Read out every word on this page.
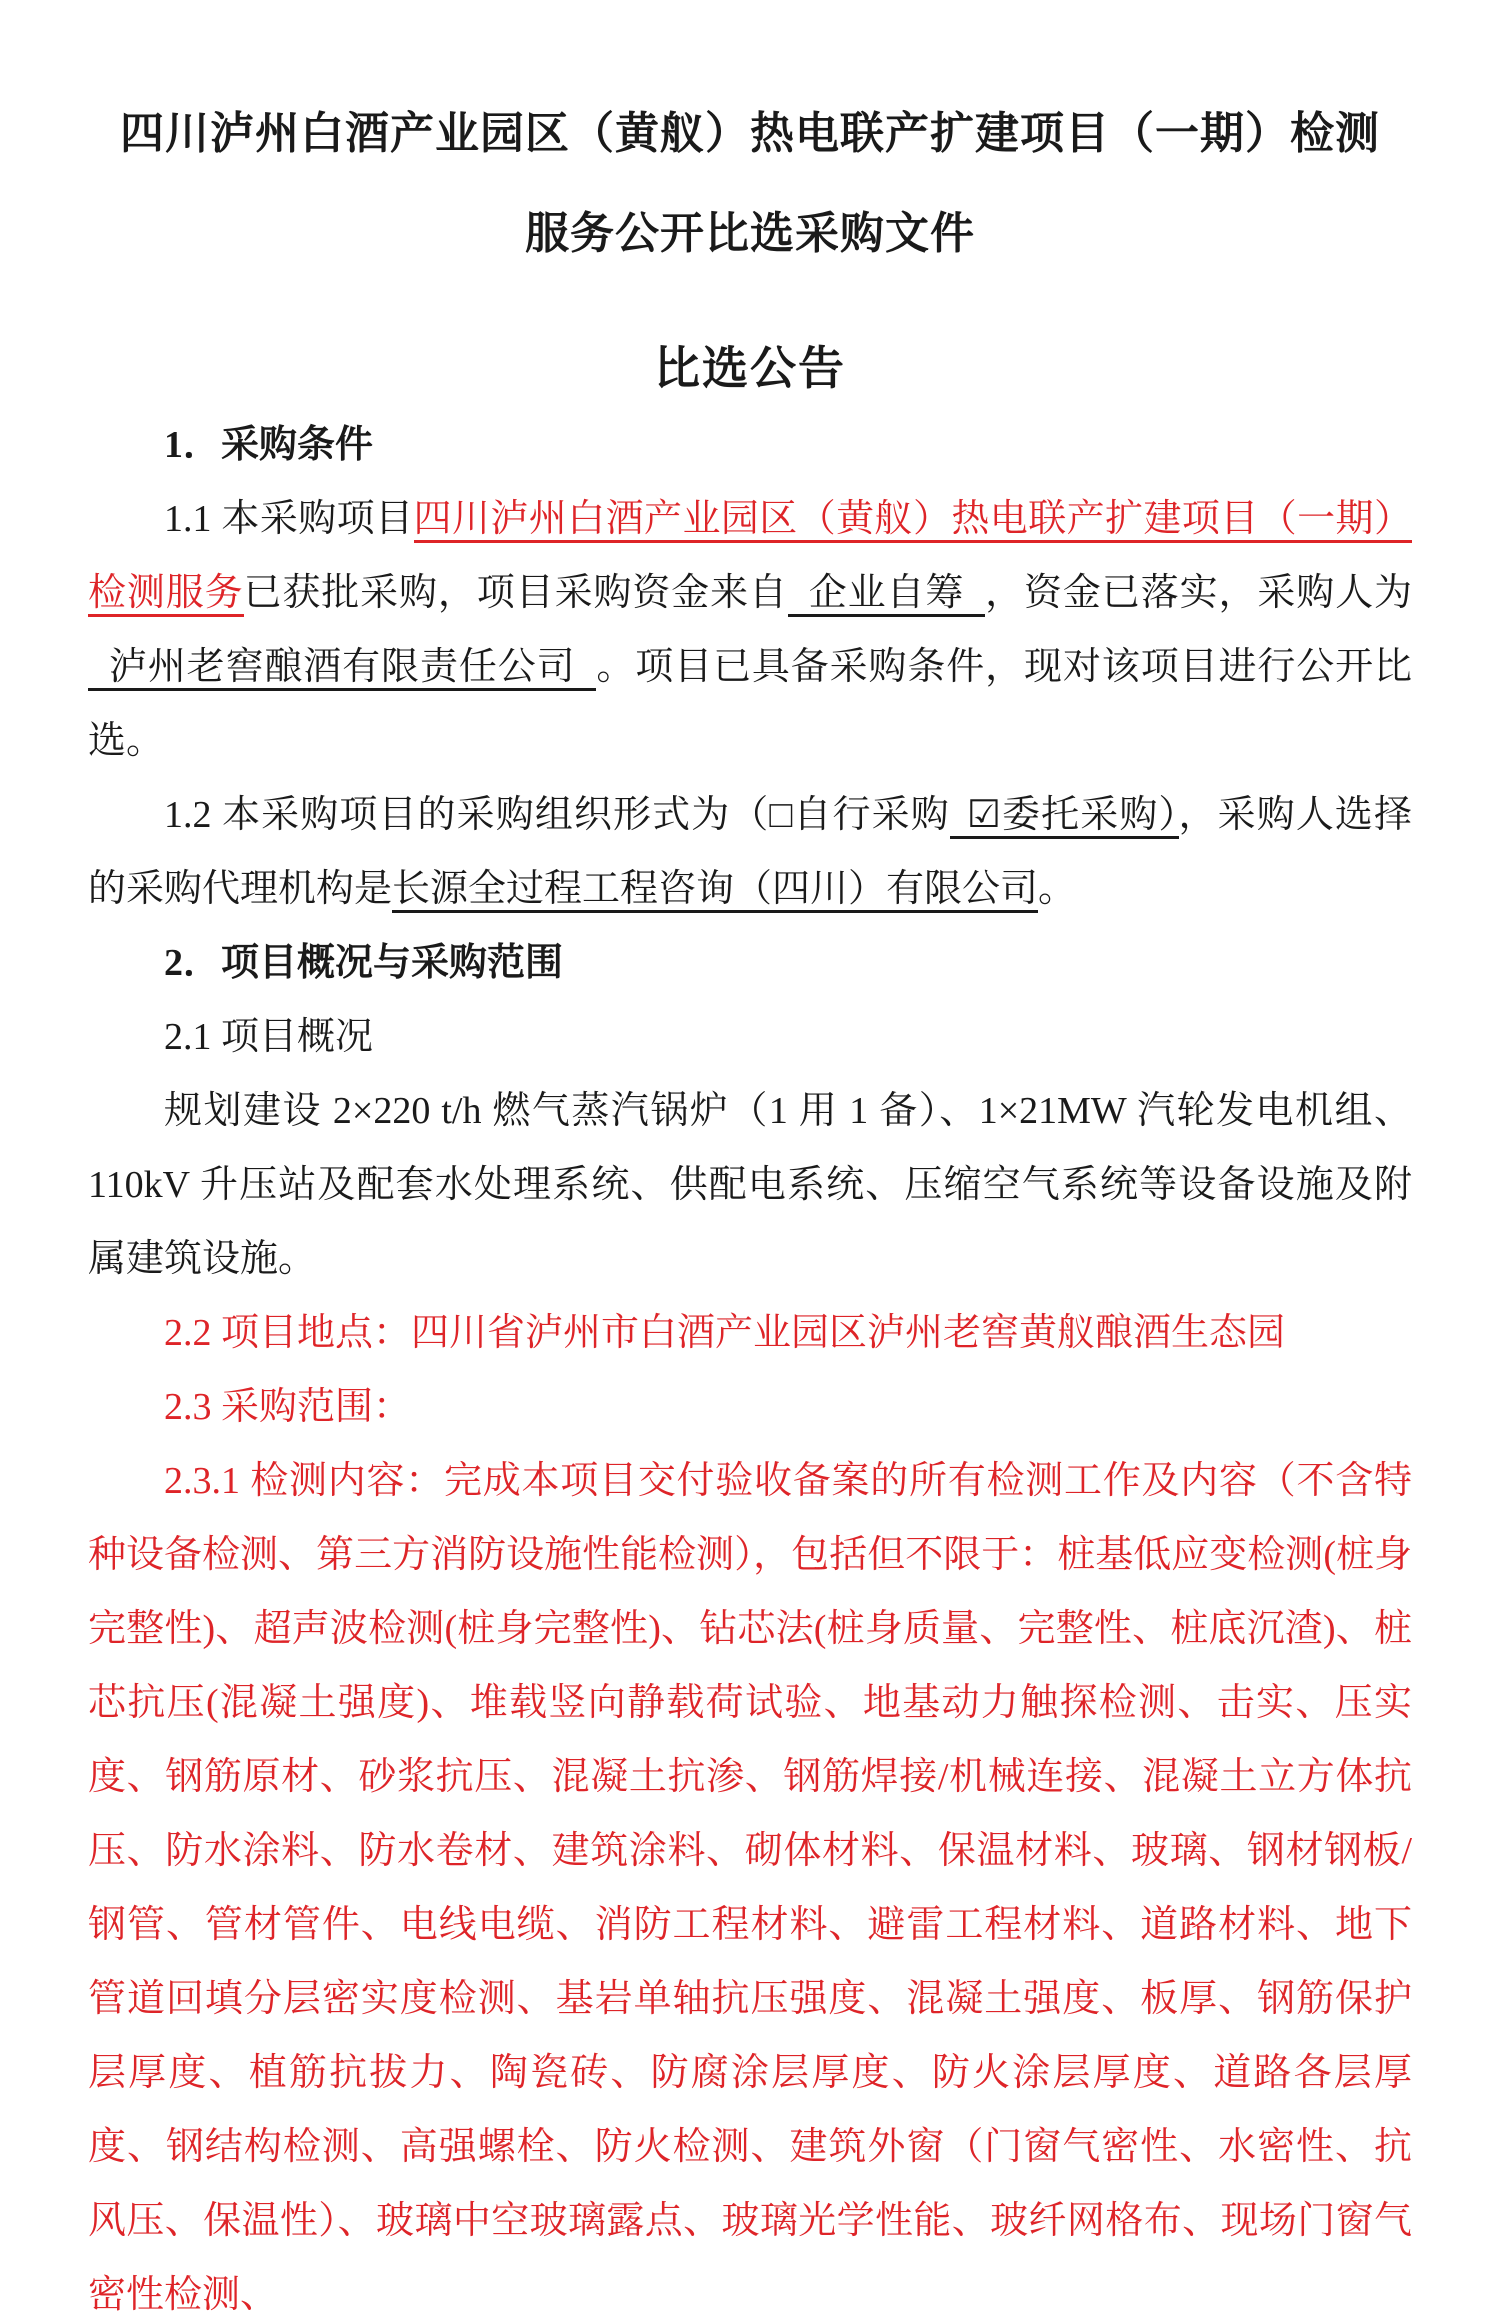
四川泸州白酒产业园区（黄舣）热电联产扩建项目（一期）检测
服务公开比选采购文件
比选公告

1．采购条件

1.1 本采购项目四川泸州白酒产业园区（黄舣）热电联产扩建项目（一期）检测服务已获批采购，项目采购资金来自 企业自筹 ，资金已落实，采购人为泸州老窖酿酒有限责任公司 。项目已具备采购条件，现对该项目进行公开比选。

1.2 本采购项目的采购组织形式为（□自行采购 ☑委托采购），采购人选择的采购代理机构是长源全过程工程咨询（四川）有限公司。

2．项目概况与采购范围

2.1 项目概况

规划建设 2×220 t/h 燃气蒸汽锅炉（1 用 1 备）、1×21MW 汽轮发电机组、110kV 升压站及配套水处理系统、供配电系统、压缩空气系统等设备设施及附属建筑设施。

2.2 项目地点：四川省泸州市白酒产业园区泸州老窖黄舣酿酒生态园

2.3 采购范围：

2.3.1 检测内容：完成本项目交付验收备案的所有检测工作及内容（不含特种设备检测、第三方消防设施性能检测），包括但不限于：桩基低应变检测(桩身完整性)、超声波检测(桩身完整性)、钻芯法(桩身质量、完整性、桩底沉渣)、桩芯抗压(混凝土强度)、堆载竖向静载荷试验、地基动力触探检测、击实、压实度、钢筋原材、砂浆抗压、混凝土抗渗、钢筋焊接/机械连接、混凝土立方体抗压、防水涂料、防水卷材、建筑涂料、砌体材料、保温材料、玻璃、钢材钢板/钢管、管材管件、电线电缆、消防工程材料、避雷工程材料、道路材料、地下管道回填分层密实度检测、基岩单轴抗压强度、混凝土强度、板厚、钢筋保护层厚度、植筋抗拔力、陶瓷砖、防腐涂层厚度、防火涂层厚度、道路各层厚度、钢结构检测、高强螺栓、防火检测、建筑外窗（门窗气密性、水密性、抗风压、保温性）、玻璃中空玻璃露点、玻璃光学性能、玻纤网格布、现场门窗气密性检测、
